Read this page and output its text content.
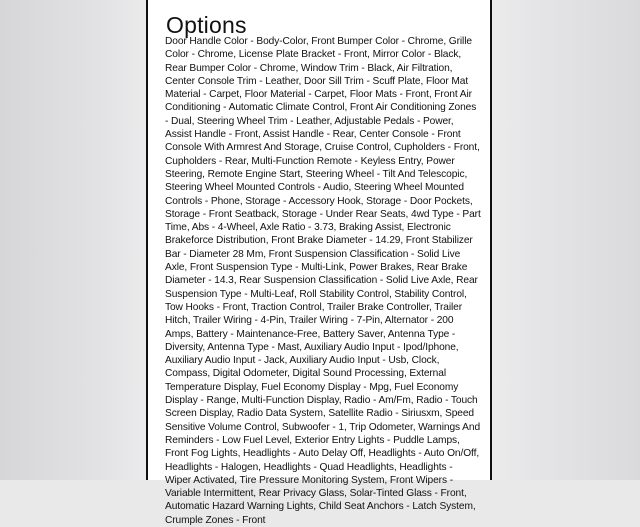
Options

Door Handle Color - Body-Color, Front Bumper Color - Chrome, Grille Color - Chrome, License Plate Bracket - Front, Mirror Color - Black, Rear Bumper Color - Chrome, Window Trim - Black, Air Filtration, Center Console Trim - Leather, Door Sill Trim - Scuff Plate, Floor Mat Material - Carpet, Floor Material - Carpet, Floor Mats - Front, Front Air Conditioning - Automatic Climate Control, Front Air Conditioning Zones - Dual, Steering Wheel Trim - Leather, Adjustable Pedals - Power, Assist Handle - Front, Assist Handle - Rear, Center Console - Front Console With Armrest And Storage, Cruise Control, Cupholders - Front, Cupholders - Rear, Multi-Function Remote - Keyless Entry, Power Steering, Remote Engine Start, Steering Wheel - Tilt And Telescopic, Steering Wheel Mounted Controls - Audio, Steering Wheel Mounted Controls - Phone, Storage - Accessory Hook, Storage - Door Pockets, Storage - Front Seatback, Storage - Under Rear Seats, 4wd Type - Part Time, Abs - 4-Wheel, Axle Ratio - 3.73, Braking Assist, Electronic Brakeforce Distribution, Front Brake Diameter - 14.29, Front Stabilizer Bar - Diameter 28 Mm, Front Suspension Classification - Solid Live Axle, Front Suspension Type - Multi-Link, Power Brakes, Rear Brake Diameter - 14.3, Rear Suspension Classification - Solid Live Axle, Rear Suspension Type - Multi-Leaf, Roll Stability Control, Stability Control, Tow Hooks - Front, Traction Control, Trailer Brake Controller, Trailer Hitch, Trailer Wiring - 4-Pin, Trailer Wiring - 7-Pin, Alternator - 200 Amps, Battery - Maintenance-Free, Battery Saver, Antenna Type - Diversity, Antenna Type - Mast, Auxiliary Audio Input - Ipod/Iphone, Auxiliary Audio Input - Jack, Auxiliary Audio Input - Usb, Clock, Compass, Digital Odometer, Digital Sound Processing, External Temperature Display, Fuel Economy Display - Mpg, Fuel Economy Display - Range, Multi-Function Display, Radio - Am/Fm, Radio - Touch Screen Display, Radio Data System, Satellite Radio - Siriusxm, Speed Sensitive Volume Control, Subwoofer - 1, Trip Odometer, Warnings And Reminders - Low Fuel Level, Exterior Entry Lights - Puddle Lamps, Front Fog Lights, Headlights - Auto Delay Off, Headlights - Auto On/Off, Headlights - Halogen, Headlights - Quad Headlights, Headlights - Wiper Activated, Tire Pressure Monitoring System, Front Wipers - Variable Intermittent, Rear Privacy Glass, Solar-Tinted Glass - Front, Automatic Hazard Warning Lights, Child Seat Anchors - Latch System, Crumple Zones - Front
